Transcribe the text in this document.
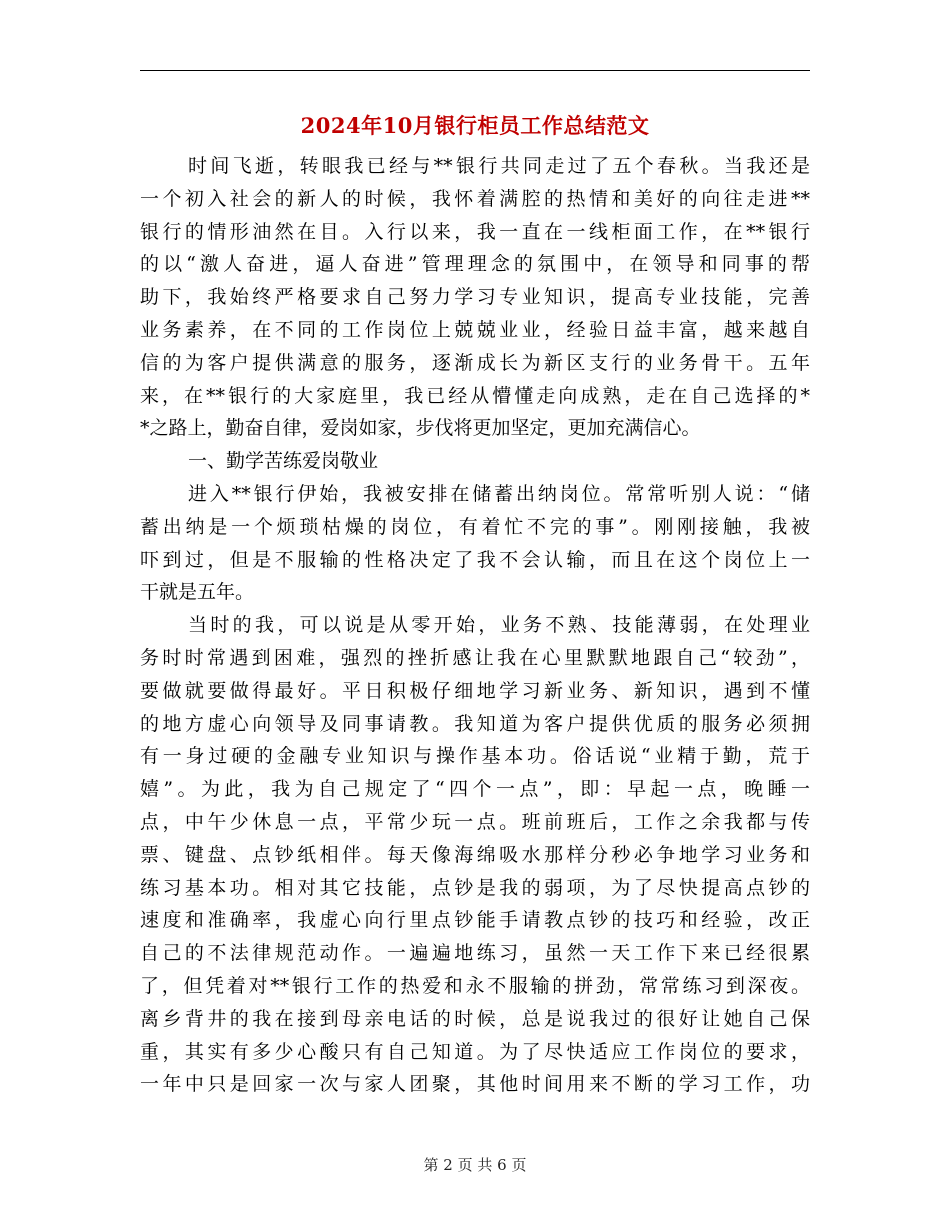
2024年10月银行柜员工作总结范文
时间飞逝，转眼我已经与**银行共同走过了五个春秋。当我还是
一个初入社会的新人的时候，我怀着满腔的热情和美好的向往走进**
银行的情形油然在目。入行以来，我一直在一线柜面工作，在**银行
的以“激人奋进，逼人奋进”管理理念的氛围中，在领导和同事的帮
助下，我始终严格要求自己努力学习专业知识，提高专业技能，完善
业务素养，在不同的工作岗位上兢兢业业，经验日益丰富，越来越自
信的为客户提供满意的服务，逐渐成长为新区支行的业务骨干。五年
来，在**银行的大家庭里，我已经从懵懂走向成熟，走在自己选择的*
*之路上，勤奋自律，爱岗如家，步伐将更加坚定，更加充满信心。
一、勤学苦练爱岗敬业
进入**银行伊始，我被安排在储蓄出纳岗位。常常听别人说：“储
蓄出纳是一个烦琐枯燥的岗位，有着忙不完的事”。刚刚接触，我被
吓到过，但是不服输的性格决定了我不会认输，而且在这个岗位上一
干就是五年。
当时的我，可以说是从零开始，业务不熟、技能薄弱，在处理业
务时时常遇到困难，强烈的挫折感让我在心里默默地跟自己“较劲”，
要做就要做得最好。平日积极仔细地学习新业务、新知识，遇到不懂
的地方虚心向领导及同事请教。我知道为客户提供优质的服务必须拥
有一身过硬的金融专业知识与操作基本功。俗话说“业精于勤，荒于
嬉”。为此，我为自己规定了“四个一点”，即：早起一点，晚睡一
点，中午少休息一点，平常少玩一点。班前班后，工作之余我都与传
票、键盘、点钞纸相伴。每天像海绵吸水那样分秒必争地学习业务和
练习基本功。相对其它技能，点钞是我的弱项，为了尽快提高点钞的
速度和准确率，我虚心向行里点钞能手请教点钞的技巧和经验，改正
自己的不法律规范动作。一遍遍地练习，虽然一天工作下来已经很累
了，但凭着对**银行工作的热爱和永不服输的拼劲，常常练习到深夜。
离乡背井的我在接到母亲电话的时候，总是说我过的很好让她自己保
重，其实有多少心酸只有自己知道。为了尽快适应工作岗位的要求，
一年中只是回家一次与家人团聚，其他时间用来不断的学习工作，功
第 2 页 共 6 页
